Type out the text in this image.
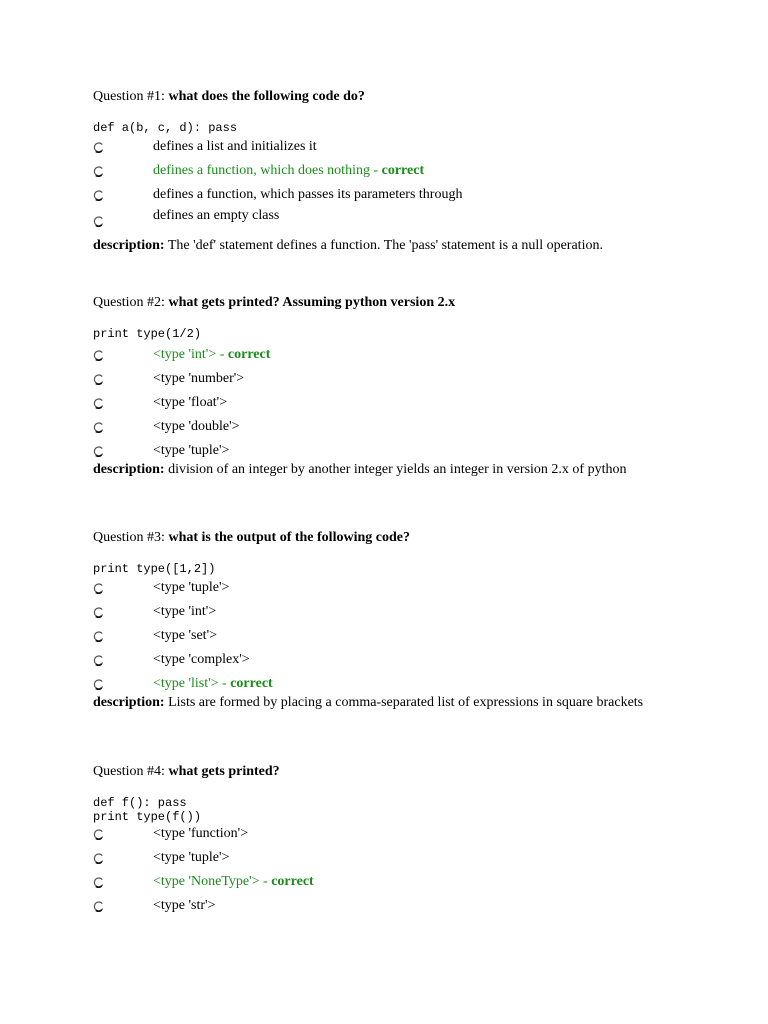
Question #1: what does the following code do?

def a(b, c, d): pass
defines a list and initializes it
defines a function, which does nothing - correct
defines a function, which passes its parameters through
defines an empty class

description: The 'def' statement defines a function. The 'pass' statement is a null operation.

Question #2: what gets printed? Assuming python version 2.x

print type(1/2)
<type 'int'> - correct
<type 'number'>
<type 'float'>
<type 'double'>
<type 'tuple'>

description: division of an integer by another integer yields an integer in version 2.x of python

Question #3: what is the output of the following code?

print type([1,2])
<type 'tuple'>
<type 'int'>
<type 'set'>
<type 'complex'>
<type 'list'> - correct

description: Lists are formed by placing a comma-separated list of expressions in square brackets

Question #4: what gets printed?

def f(): pass
print type(f())
<type 'function'>
<type 'tuple'>
<type 'NoneType'> - correct
<type 'str'>
